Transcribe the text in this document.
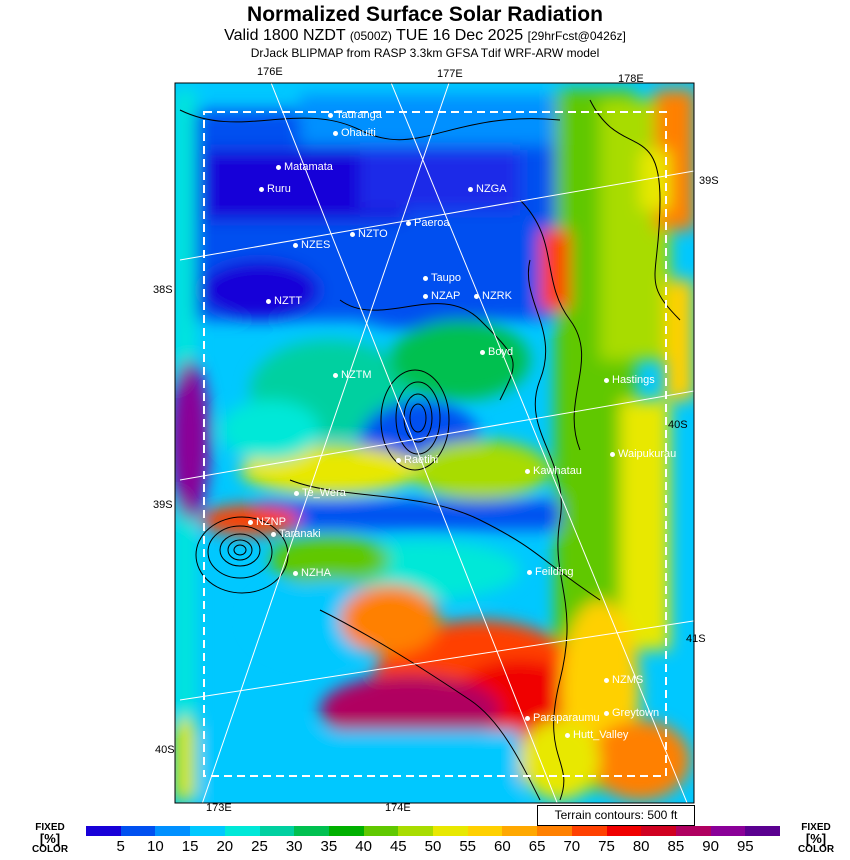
Normalized Surface Solar Radiation
Valid 1800 NZDT (0500Z) TUE 16 Dec 2025 [29hrFcst@0426z]
DrJack BLIPMAP from RASP 3.3km GFSA Tdif WRF-ARW model
176E	177E	178E
173E	174E
38S
39S
40S
39S
40S
41S
Tauranga
Ohauiti
Matamata
Ruru	NZGA
Paeroa
NZTO
NZES
Taupo
NZAP	NZRK
NZTT
Boyd
NZTM	Hastings
Raetihi	Waipukurau
Kawhatau
Te_Wera
NZNP
Taranaki
NZHA	Feilding
NZMS
Greytown
Paraparaumu
Hutt_Valley
Terrain contours: 500 ft
FIXED
[%]
COLOR
FIXED
[%]
COLOR
5 10 15 20 25 30 35 40 45 50 55 60 65 70 75 80 85 90 95
